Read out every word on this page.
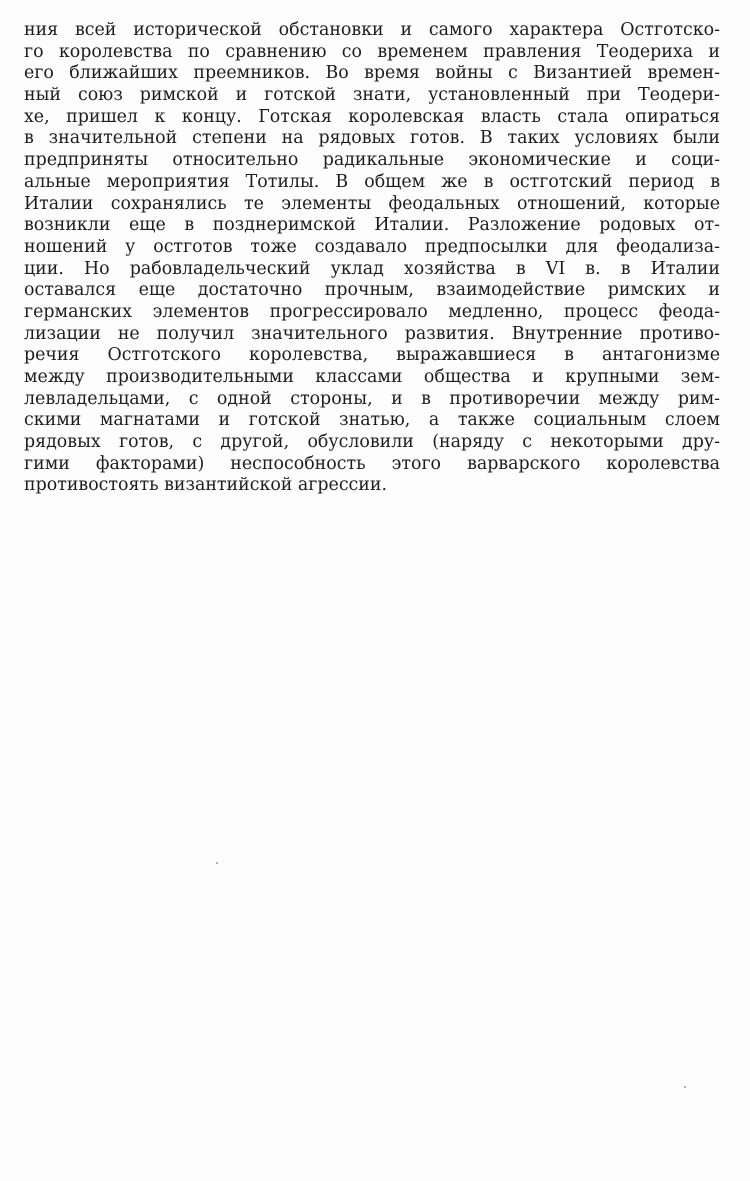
ния всей исторической обстановки и самого характера Остготско-
го королевства по сравнению со временем правления Теодериха и
его ближайших преемников. Во время войны с Византией времен-
ный союз римской и готской знати, установленный при Теодери-
хе, пришел к концу. Готская королевская власть стала опираться
в значительной степени на рядовых готов. В таких условиях были
предприняты относительно радикальные экономические и соци-
альные мероприятия Тотилы. В общем же в остготский период в
Италии сохранялись те элементы феодальных отношений, которые
возникли еще в позднеримской Италии. Разложение родовых от-
ношений у остготов тоже создавало предпосылки для феодализа-
ции. Но рабовладельческий уклад хозяйства в VI в. в Италии
оставался еще достаточно прочным, взаимодействие римских и
германских элементов прогрессировало медленно, процесс феода-
лизации не получил значительного развития. Внутренние противо-
речия Остготского королевства, выражавшиеся в антагонизме
между производительными классами общества и крупными зем-
левладельцами, с одной стороны, и в противоречии между рим-
скими магнатами и готской знатью, а также социальным слоем
рядовых готов, с другой, обусловили (наряду с некоторыми дру-
гими факторами) неспособность этого варварского королевства
противостоять византийской агрессии.
